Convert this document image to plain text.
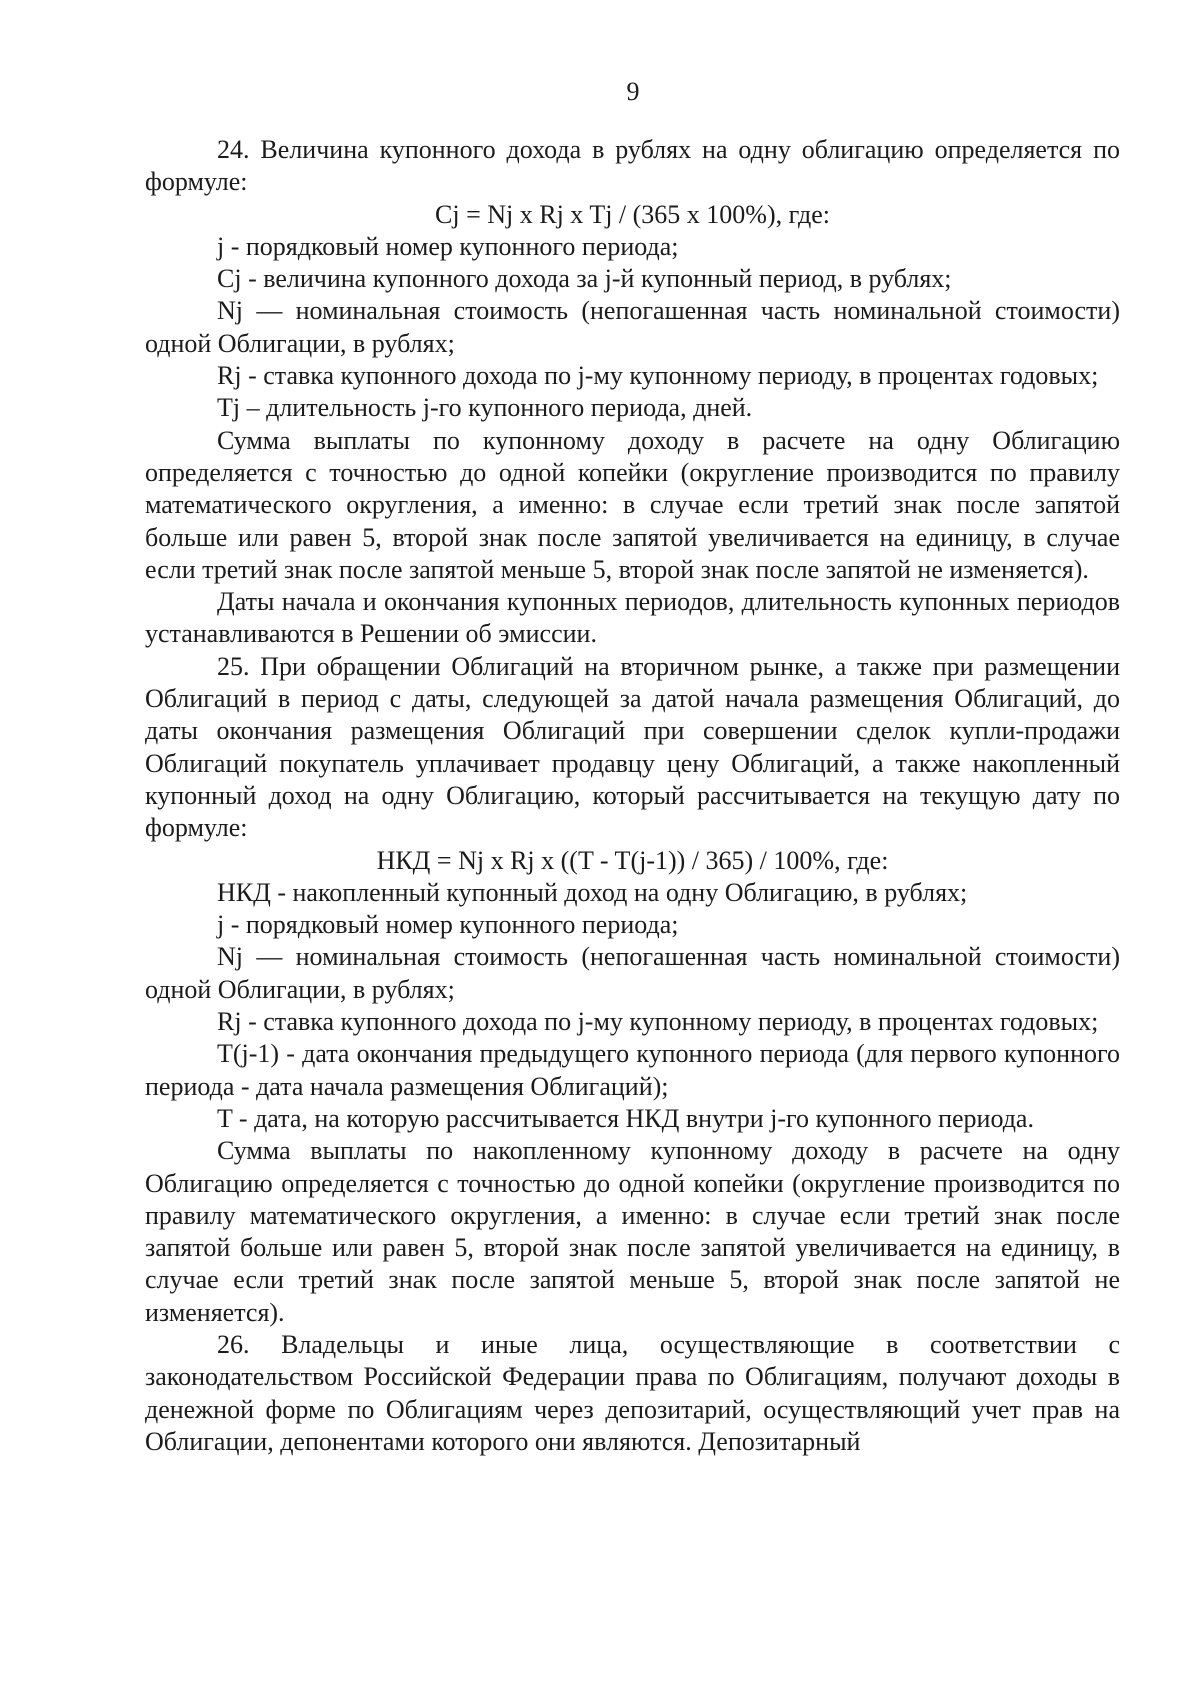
9

24. Величина купонного дохода в рублях на одну облигацию определяется по формуле:

Cj = Nj x Rj x Tj / (365 x 100%), где:

j - порядковый номер купонного периода;

Cj - величина купонного дохода за j-й купонный период, в рублях;

Nj — номинальная стоимость (непогашенная часть номинальной стоимости) одной Облигации, в рублях;

Rj - ставка купонного дохода по j-му купонному периоду, в процентах годовых;

Tj – длительность j-го купонного периода, дней.

Сумма выплаты по купонному доходу в расчете на одну Облигацию определяется с точностью до одной копейки (округление производится по правилу математического округления, а именно: в случае если третий знак после запятой больше или равен 5, второй знак после запятой увеличивается на единицу, в случае если третий знак после запятой меньше 5, второй знак после запятой не изменяется).

Даты начала и окончания купонных периодов, длительность купонных периодов устанавливаются в Решении об эмиссии.

25. При обращении Облигаций на вторичном рынке, а также при размещении Облигаций в период с даты, следующей за датой начала размещения Облигаций, до даты окончания размещения Облигаций при совершении сделок купли-продажи Облигаций покупатель уплачивает продавцу цену Облигаций, а также накопленный купонный доход на одну Облигацию, который рассчитывается на текущую дату по формуле:

НКД = Nj x Rj x ((T - T(j-1)) / 365) / 100%, где:

НКД - накопленный купонный доход на одну Облигацию, в рублях;

j - порядковый номер купонного периода;

Nj — номинальная стоимость (непогашенная часть номинальной стоимости) одной Облигации, в рублях;

Rj - ставка купонного дохода по j-му купонному периоду, в процентах годовых;

T(j-1) - дата окончания предыдущего купонного периода (для первого купонного периода - дата начала размещения Облигаций);

T - дата, на которую рассчитывается НКД внутри j-го купонного периода.

Сумма выплаты по накопленному купонному доходу в расчете на одну Облигацию определяется с точностью до одной копейки (округление производится по правилу математического округления, а именно: в случае если третий знак после запятой больше или равен 5, второй знак после запятой увеличивается на единицу, в случае если третий знак после запятой меньше 5, второй знак после запятой не изменяется).

26. Владельцы и иные лица, осуществляющие в соответствии с законодательством Российской Федерации права по Облигациям, получают доходы в денежной форме по Облигациям через депозитарий, осуществляющий учет прав на Облигации, депонентами которого они являются. Депозитарный
